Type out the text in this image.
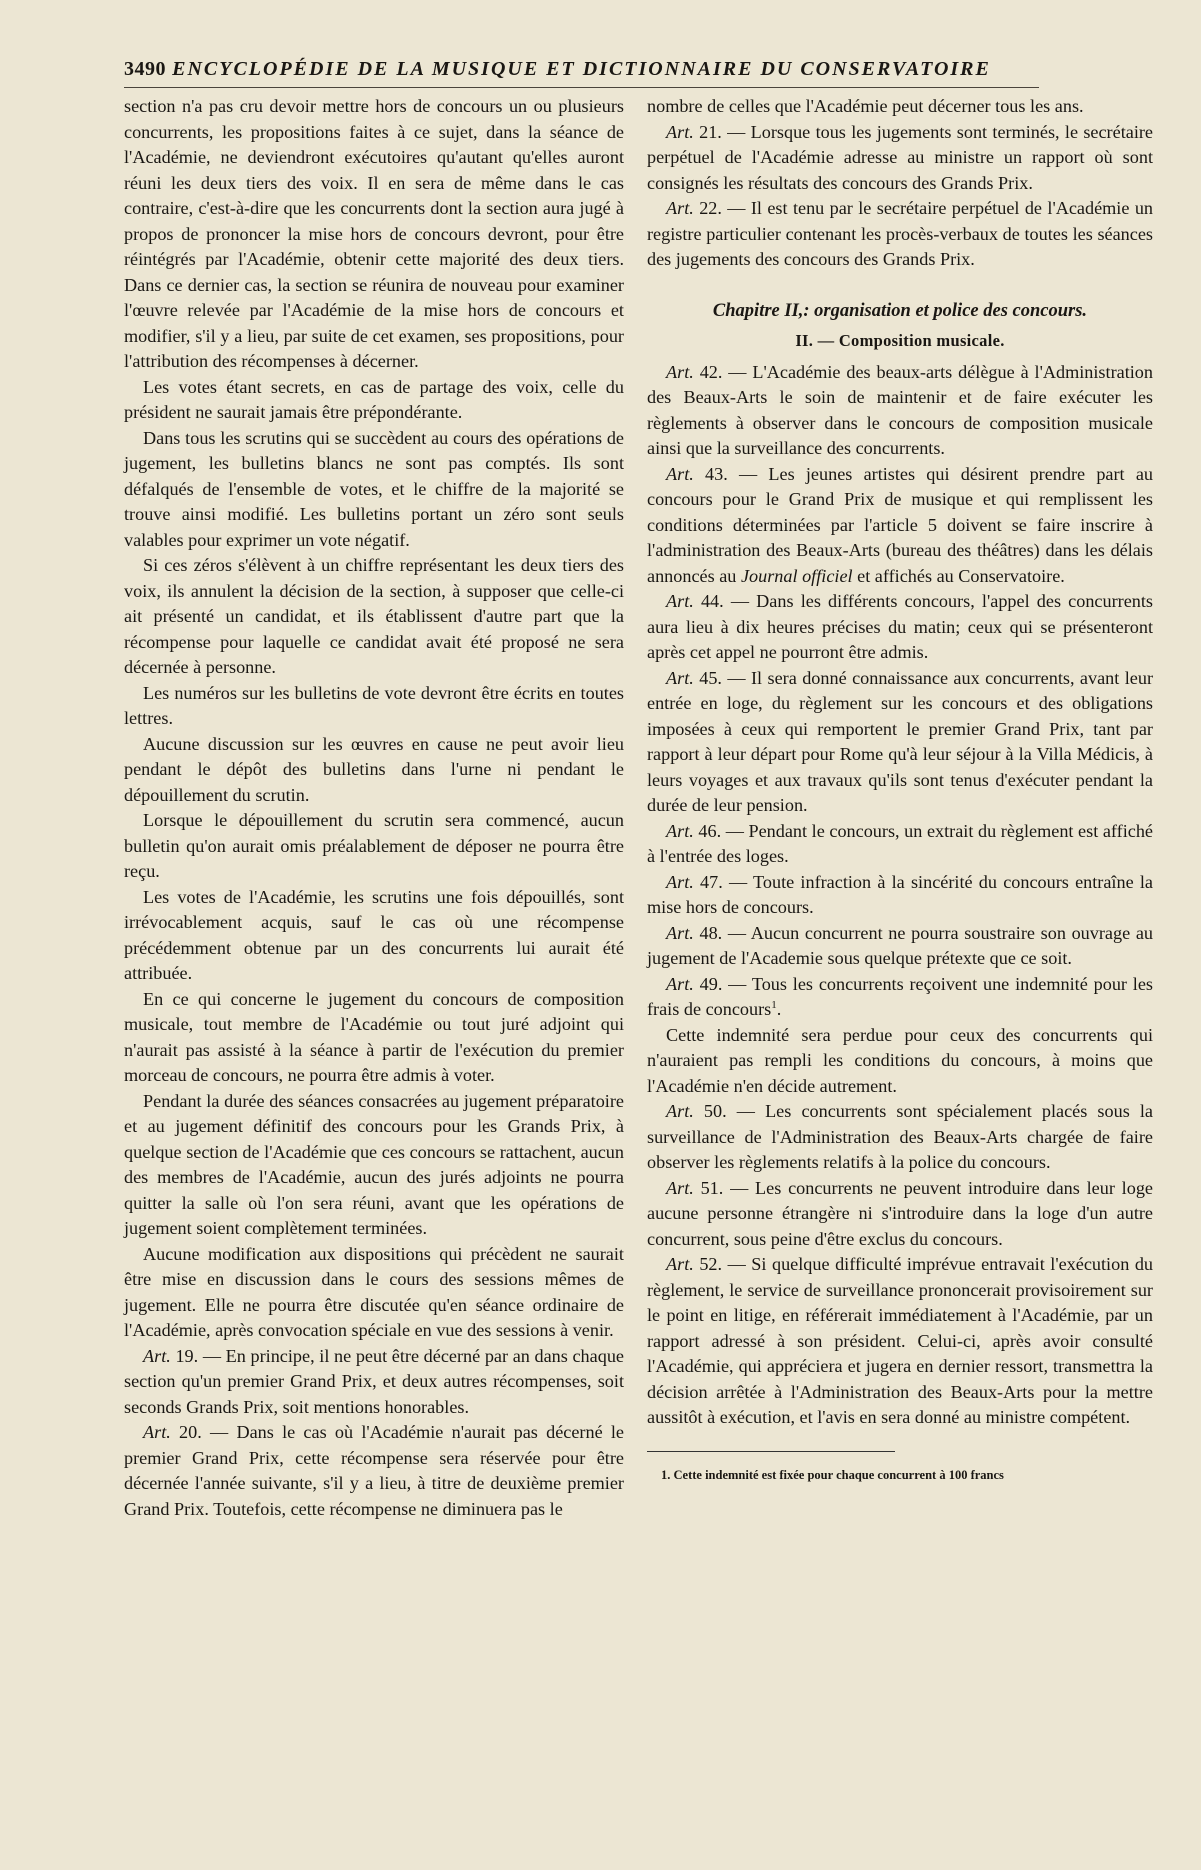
3490 ENCYCLOPÉDIE DE LA MUSIQUE ET DICTIONNAIRE DU CONSERVATOIRE

section n'a pas cru devoir mettre hors de concours un ou plusieurs concurrents, les propositions faites à ce sujet, dans la séance de l'Académie, ne deviendront exécutoires qu'autant qu'elles auront réuni les deux tiers des voix. Il en sera de même dans le cas contraire, c'est-à-dire que les concurrents dont la section aura jugé à propos de prononcer la mise hors de concours devront, pour être réintégrés par l'Académie, obtenir cette majorité des deux tiers. Dans ce dernier cas, la section se réunira de nouveau pour examiner l'œuvre relevée par l'Académie de la mise hors de concours et modifier, s'il y a lieu, par suite de cet examen, ses propositions, pour l'attribution des récompenses à décerner.

Les votes étant secrets, en cas de partage des voix, celle du président ne saurait jamais être prépondérante.

Dans tous les scrutins qui se succèdent au cours des opérations de jugement, les bulletins blancs ne sont pas comptés. Ils sont défalqués de l'ensemble de votes, et le chiffre de la majorité se trouve ainsi modifié. Les bulletins portant un zéro sont seuls valables pour exprimer un vote négatif.

Si ces zéros s'élèvent à un chiffre représentant les deux tiers des voix, ils annulent la décision de la section, à supposer que celle-ci ait présenté un candidat, et ils établissent d'autre part que la récompense pour laquelle ce candidat avait été proposé ne sera décernée à personne.

Les numéros sur les bulletins de vote devront être écrits en toutes lettres.

Aucune discussion sur les œuvres en cause ne peut avoir lieu pendant le dépôt des bulletins dans l'urne ni pendant le dépouillement du scrutin.

Lorsque le dépouillement du scrutin sera commencé, aucun bulletin qu'on aurait omis préalablement de déposer ne pourra être reçu.

Les votes de l'Académie, les scrutins une fois dépouillés, sont irrévocablement acquis, sauf le cas où une récompense précédemment obtenue par un des concurrents lui aurait été attribuée.

En ce qui concerne le jugement du concours de composition musicale, tout membre de l'Académie ou tout juré adjoint qui n'aurait pas assisté à la séance à partir de l'exécution du premier morceau de concours, ne pourra être admis à voter.

Pendant la durée des séances consacrées au jugement préparatoire et au jugement définitif des concours pour les Grands Prix, à quelque section de l'Académie que ces concours se rattachent, aucun des membres de l'Académie, aucun des jurés adjoints ne pourra quitter la salle où l'on sera réuni, avant que les opérations de jugement soient complètement terminées.

Aucune modification aux dispositions qui précèdent ne saurait être mise en discussion dans le cours des sessions mêmes de jugement. Elle ne pourra être discutée qu'en séance ordinaire de l'Académie, après convocation spéciale en vue des sessions à venir.

Art. 19. — En principe, il ne peut être décerné par an dans chaque section qu'un premier Grand Prix, et deux autres récompenses, soit seconds Grands Prix, soit mentions honorables.

Art. 20. — Dans le cas où l'Académie n'aurait pas décerné le premier Grand Prix, cette récompense sera réservée pour être décernée l'année suivante, s'il y a lieu, à titre de deuxième premier Grand Prix. Toutefois, cette récompense ne diminuera pas le

nombre de celles que l'Académie peut décerner tous les ans.

Art. 21. — Lorsque tous les jugements sont terminés, le secrétaire perpétuel de l'Académie adresse au ministre un rapport où sont consignés les résultats des concours des Grands Prix.

Art. 22. — Il est tenu par le secrétaire perpétuel de l'Académie un registre particulier contenant les procès-verbaux de toutes les séances des jugements des concours des Grands Prix.

Chapitre II,: organisation et police des concours.
II. — Composition musicale.

Art. 42. — L'Académie des beaux-arts délègue à l'Administration des Beaux-Arts le soin de maintenir et de faire exécuter les règlements à observer dans le concours de composition musicale ainsi que la surveillance des concurrents.

Art. 43. — Les jeunes artistes qui désirent prendre part au concours pour le Grand Prix de musique et qui remplissent les conditions déterminées par l'article 5 doivent se faire inscrire à l'administration des Beaux-Arts (bureau des théâtres) dans les délais annoncés au Journal officiel et affichés au Conservatoire.

Art. 44. — Dans les différents concours, l'appel des concurrents aura lieu à dix heures précises du matin; ceux qui se présenteront après cet appel ne pourront être admis.

Art. 45. — Il sera donné connaissance aux concurrents, avant leur entrée en loge, du règlement sur les concours et des obligations imposées à ceux qui remportent le premier Grand Prix, tant par rapport à leur départ pour Rome qu'à leur séjour à la Villa Médicis, à leurs voyages et aux travaux qu'ils sont tenus d'exécuter pendant la durée de leur pension.

Art. 46. — Pendant le concours, un extrait du règlement est affiché à l'entrée des loges.

Art. 47. — Toute infraction à la sincérité du concours entraîne la mise hors de concours.

Art. 48. — Aucun concurrent ne pourra soustraire son ouvrage au jugement de l'Academie sous quelque prétexte que ce soit.

Art. 49. — Tous les concurrents reçoivent une indemnité pour les frais de concours$^1$.

Cette indemnité sera perdue pour ceux des concurrents qui n'auraient pas rempli les conditions du concours, à moins que l'Académie n'en décide autrement.

Art. 50. — Les concurrents sont spécialement placés sous la surveillance de l'Administration des Beaux-Arts chargée de faire observer les règlements relatifs à la police du concours.

Art. 51. — Les concurrents ne peuvent introduire dans leur loge aucune personne étrangère ni s'introduire dans la loge d'un autre concurrent, sous peine d'être exclus du concours.

Art. 52. — Si quelque difficulté imprévue entravait l'exécution du règlement, le service de surveillance prononcerait provisoirement sur le point en litige, en référerait immédiatement à l'Académie, par un rapport adressé à son président. Celui-ci, après avoir consulté l'Académie, qui appréciera et jugera en dernier ressort, transmettra la décision arrêtée à l'Administration des Beaux-Arts pour la mettre aussitôt à exécution, et l'avis en sera donné au ministre compétent.

1. Cette indemnité est fixée pour chaque concurrent à 100 francs
